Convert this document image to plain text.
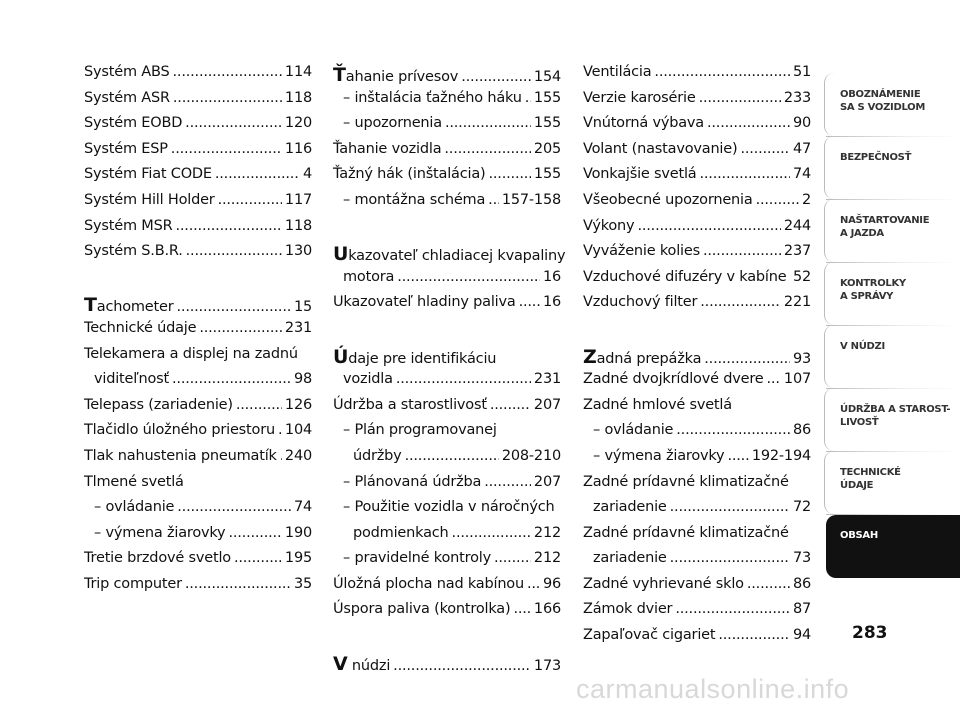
Systém ABS .....	114
Systém ASR .....	118
Systém EOBD .....	120
Systém ESP .....	116
Systém Fiat CODE .....	4
Systém Hill Holder .....	117
Systém MSR .....	118
Systém S.B.R. .....	130
Tachometer .....	15
Technické údaje .....	231
Telekamera a displej na zadnú
viditeľnosť .....	98
Telepass (zariadenie) .....	126
Tlačidlo úložného priestoru ..... 104
Tlak nahustenia pneumatík ..... 240
Tlmené svetlá
– ovládanie .....	74
– výmena žiarovky .....	190
Tretie brzdové svetlo .....	195
Trip computer .....	35
Ťahanie prívesov .....	154
– inštalácia ťažného háku ..... 155
– upozornenia .....	155
Ťahanie vozidla .....	205
Ťažný hák (inštalácia) .....	155
– montážna schéma ..... 157-158
Ukazovateľ chladiacej kvapaliny
motora .....	16
Ukazovateľ hladiny paliva ..... 16
Údaje pre identifikáciu
vozidla .....	231
Údržba a starostlivosť .....	207
– Plán programovanej
údržby .....	208-210
– Plánovaná údržba .....	207
– Použitie vozidla v náročných
podmienkach .....	212
– pravidelné kontroly .....	212
Úložná plocha nad kabínou ..... 96
Úspora paliva (kontrolka) ..... 166
V núdzi .....	173
Ventilácia .....	51
Verzie karosérie .....	233
Vnútorná výbava .....	90
Volant (nastavovanie) .....	47
Vonkajšie svetlá .....	74
Všeobecné upozornenia .....	2
Výkony .....	244
Vyváženie kolies .....	237
Vzduchové difuzéry v kabíne ..... 52
Vzduchový filter .....	221
Zadná prepážka .....	93
Zadné dvojkrídlové dvere ..... 107
Zadné hmlové svetlá
– ovládanie .....	86
– výmena žiarovky ..... 192-194
Zadné prídavné klimatizačné
zariadenie .....	72
Zadné prídavné klimatizačné
zariadenie .....	73
Zadné vyhrievané sklo .....	86
Zámok dvier .....	87
Zapaľovač cigariet .....	94
OBOZNÁMENIE
SA S VOZIDLOM
BEZPEČNOSŤ
NAŠTARTOVANIE
A JAZDA
KONTROLKY
A SPRÁVY
V NÚDZI
ÚDRŽBA A STAROST-
LIVOSŤ
TECHNICKÉ
ÚDAJE
OBSAH
283
carmanualsonline.info
